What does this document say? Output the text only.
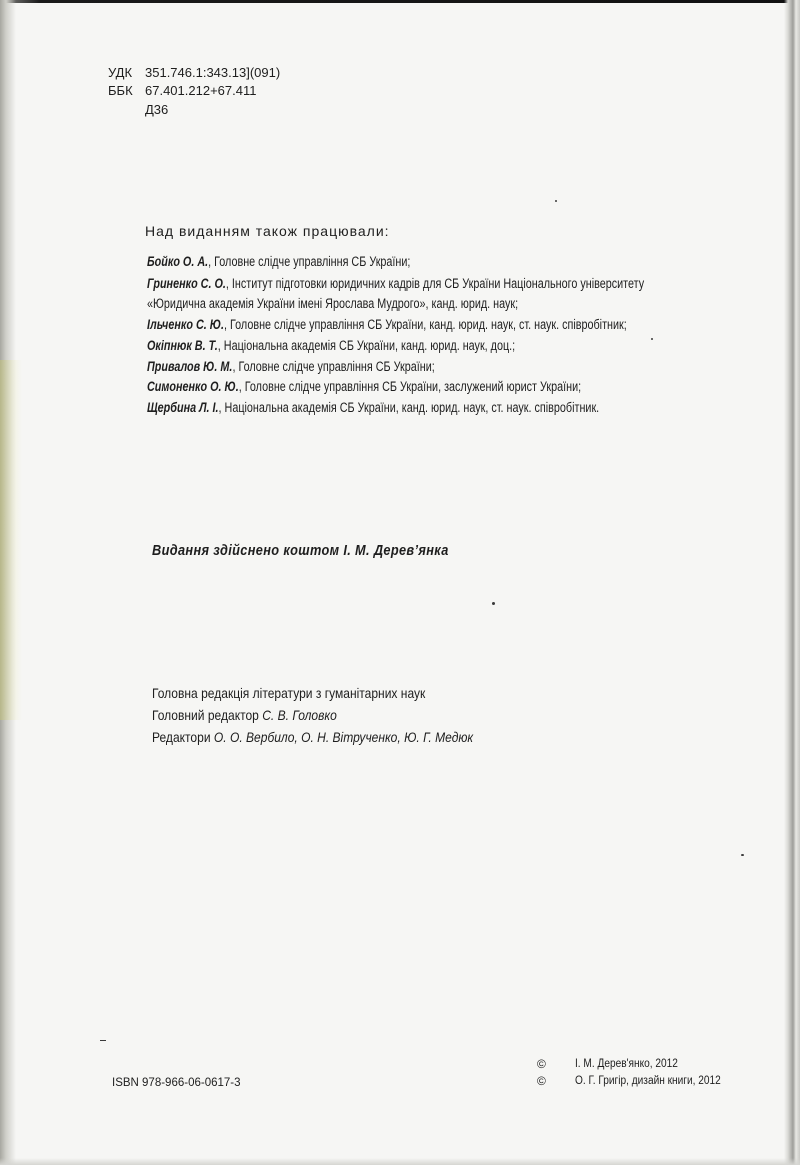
УДК 351.746.1:343.13](091)
ББК 67.401.212+67.411
Д36
Над виданням також працювали:
Бойко О. А., Головне слідче управління СБ України;
Гриненко С. О., Інститут підготовки юридичних кадрів для СБ України Національного університету
«Юридична академія України імені Ярослава Мудрого», канд. юрид. наук;
Ільченко С. Ю., Головне слідче управління СБ України, канд. юрид. наук, ст. наук. співробітник;
Окіпнюк В. Т., Національна академія СБ України, канд. юрид. наук, доц.;
Привалов Ю. М., Головне слідче управління СБ України;
Симоненко О. Ю., Головне слідче управління СБ України, заслужений юрист України;
Щербина Л. І., Національна академія СБ України, канд. юрид. наук, ст. наук. співробітник.
Видання здійснено коштом І. М. Дерев’янка
Головна редакція літератури з гуманітарних наук
Головний редактор С. В. Головко
Редактори О. О. Вербило, О. Н. Вітрученко, Ю. Г. Медюк
ISBN 978-966-06-0617-3
©	І. М. Дерев'янко, 2012
©	О. Г. Григір, дизайн книги, 2012
